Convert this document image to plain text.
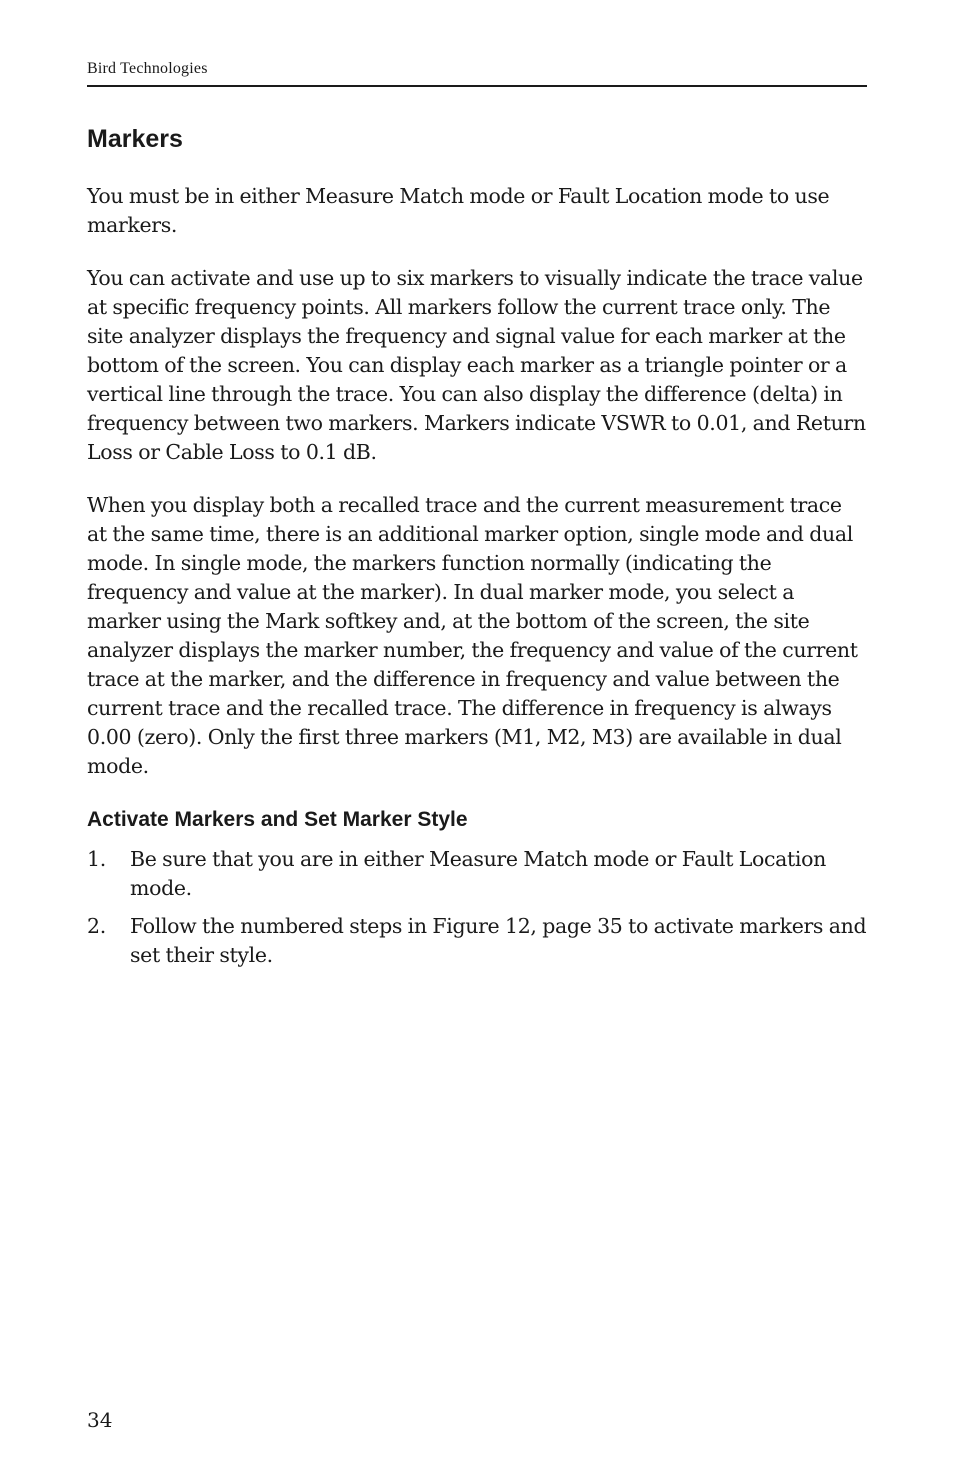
Bird Technologies
Markers

You must be in either Measure Match mode or Fault Location mode to use markers.

You can activate and use up to six markers to visually indicate the trace value at specific frequency points. All markers follow the current trace only. The site analyzer displays the frequency and signal value for each marker at the bottom of the screen. You can display each marker as a triangle pointer or a vertical line through the trace. You can also display the difference (delta) in frequency between two markers. Markers indicate VSWR to 0.01, and Return Loss or Cable Loss to 0.1 dB.

When you display both a recalled trace and the current measurement trace at the same time, there is an additional marker option, single mode and dual mode. In single mode, the markers function normally (indicating the frequency and value at the marker). In dual marker mode, you select a marker using the Mark softkey and, at the bottom of the screen, the site analyzer displays the marker number, the frequency and value of the current trace at the marker, and the difference in frequency and value between the current trace and the recalled trace. The difference in frequency is always 0.00 (zero). Only the first three markers (M1, M2, M3) are available in dual mode.

Activate Markers and Set Marker Style
1.	Be sure that you are in either Measure Match mode or Fault Location mode.
2.	Follow the numbered steps in Figure 12, page 35 to activate markers and set their style.
34
